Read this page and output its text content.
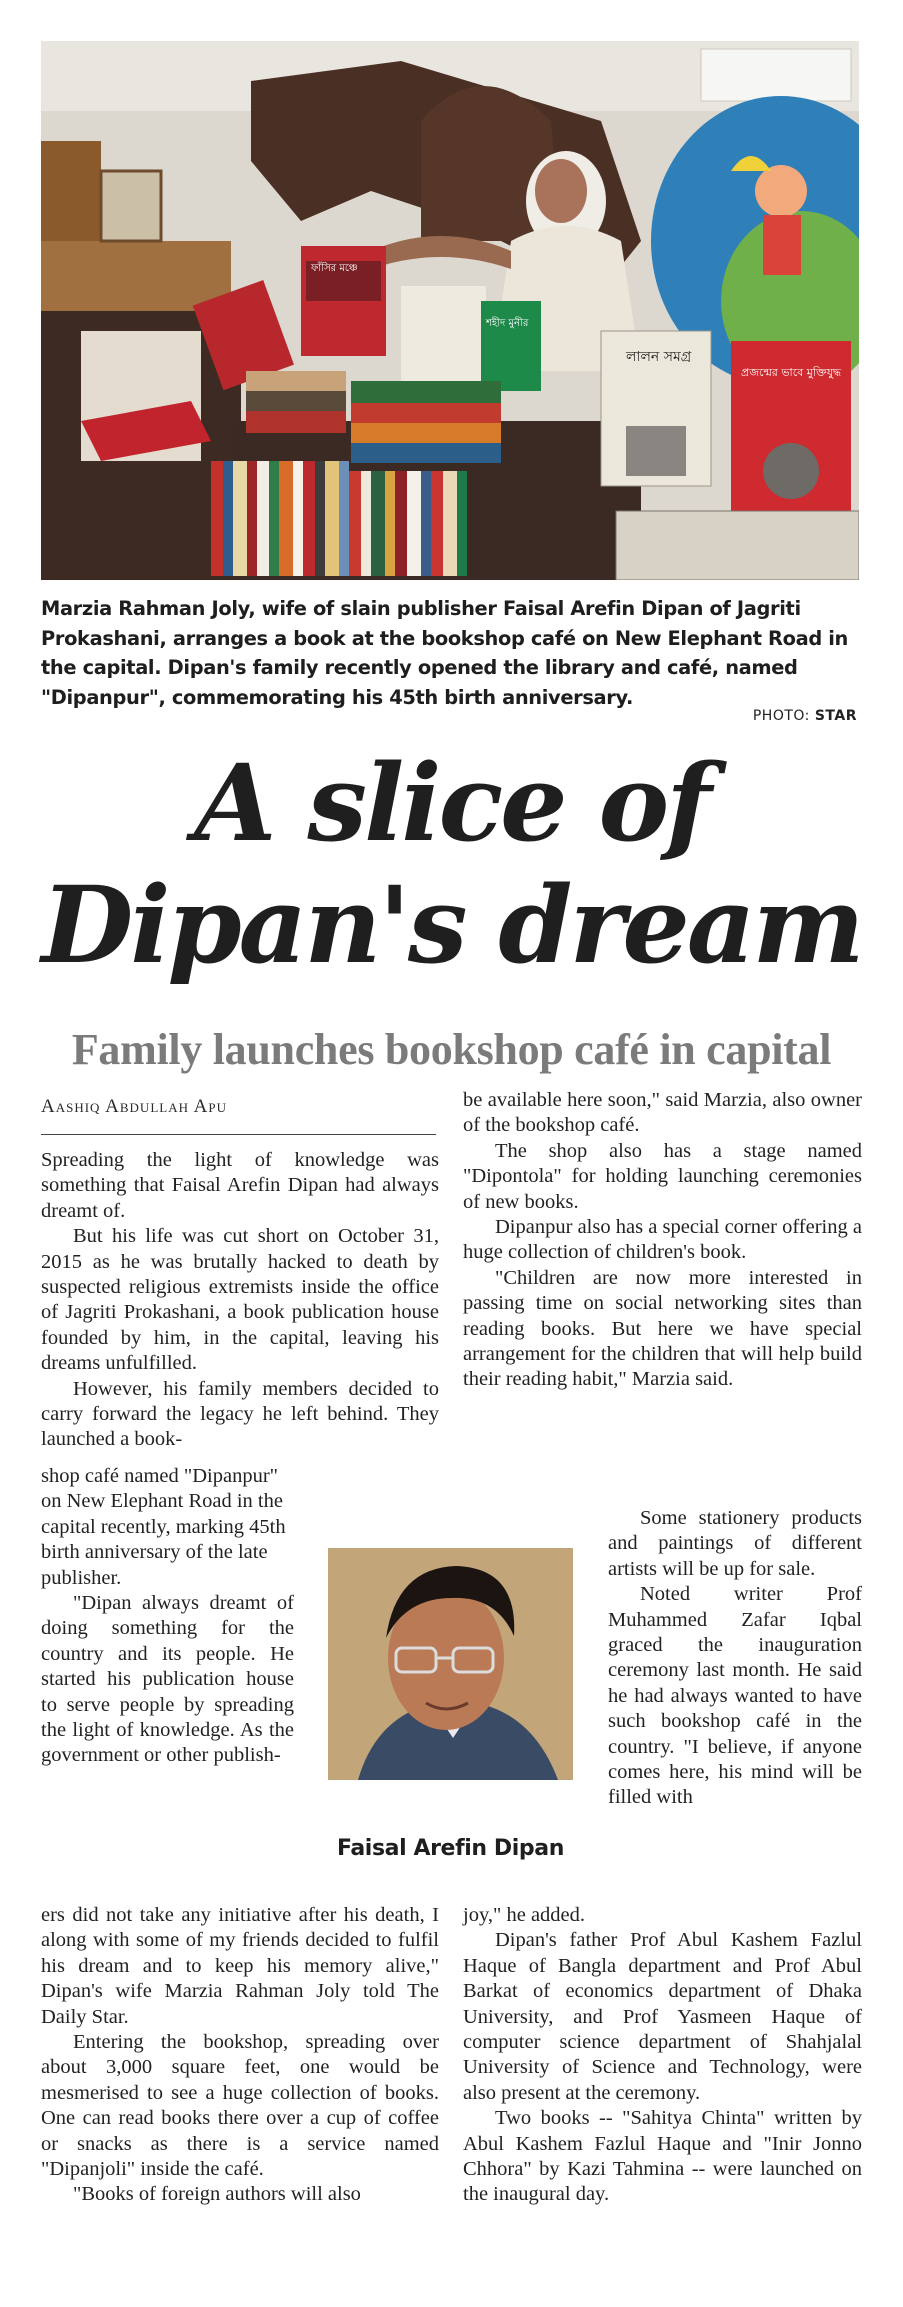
ফাঁসির মঞ্চে
শহীদ মুনীর
লালন সমগ্র
প্রজন্মের ভাবে মুক্তিযুদ্ধ
Marzia Rahman Joly, wife of slain publisher Faisal Arefin Dipan of Jagriti Prokashani, arranges a book at the bookshop café on New Elephant Road in the capital. Dipan's family recently opened the library and café, named "Dipanpur", commemorating his 45th birth anniversary.
PHOTO: STAR
A slice of
Dipan's dream
Family launches bookshop café in capital
Aashiq Abdullah Apu

Spreading the light of knowledge was something that Faisal Arefin Dipan had always dreamt of.

But his life was cut short on October 31, 2015 as he was brutally hacked to death by suspected religious extremists inside the office of Jagriti Prokashani, a book publication house founded by him, in the capital, leaving his dreams unfulfilled.

However, his family members decided to carry forward the legacy he left behind. They launched a book-

shop café named "Dipanpur" on New Elephant Road in the capital recently, marking 45th birth anniversary of the late publisher.

"Dipan always dreamt of doing something for the country and its people. He started his publication house to serve people by spreading the light of knowledge. As the government or other publish-

Faisal Arefin Dipan

ers did not take any initiative after his death, I along with some of my friends decided to fulfil his dream and to keep his memory alive," Dipan's wife Marzia Rahman Joly told The Daily Star.

Entering the bookshop, spreading over about 3,000 square feet, one would be mesmerised to see a huge collection of books. One can read books there over a cup of coffee or snacks as there is a service named "Dipanjoli" inside the café.

"Books of foreign authors will also

be available here soon," said Marzia, also owner of the bookshop café.

The shop also has a stage named "Dipontola" for holding launching ceremonies of new books.

Dipanpur also has a special corner offering a huge collection of children's book.

"Children are now more interested in passing time on social networking sites than reading books. But here we have special arrangement for the children that will help build their reading habit," Marzia said.

Some stationery products and paintings of different artists will be up for sale.

Noted writer Prof Muhammed Zafar Iqbal graced the inauguration ceremony last month. He said he had always wanted to have such bookshop café in the country. "I believe, if anyone comes here, his mind will be filled with

joy," he added.

Dipan's father Prof Abul Kashem Fazlul Haque of Bangla department and Prof Abul Barkat of economics department of Dhaka University, and Prof Yasmeen Haque of computer science department of Shahjalal University of Science and Technology, were also present at the ceremony.

Two books -- "Sahitya Chinta" written by Abul Kashem Fazlul Haque and "Inir Jonno Chhora" by Kazi Tahmina -- were launched on the inaugural day.
